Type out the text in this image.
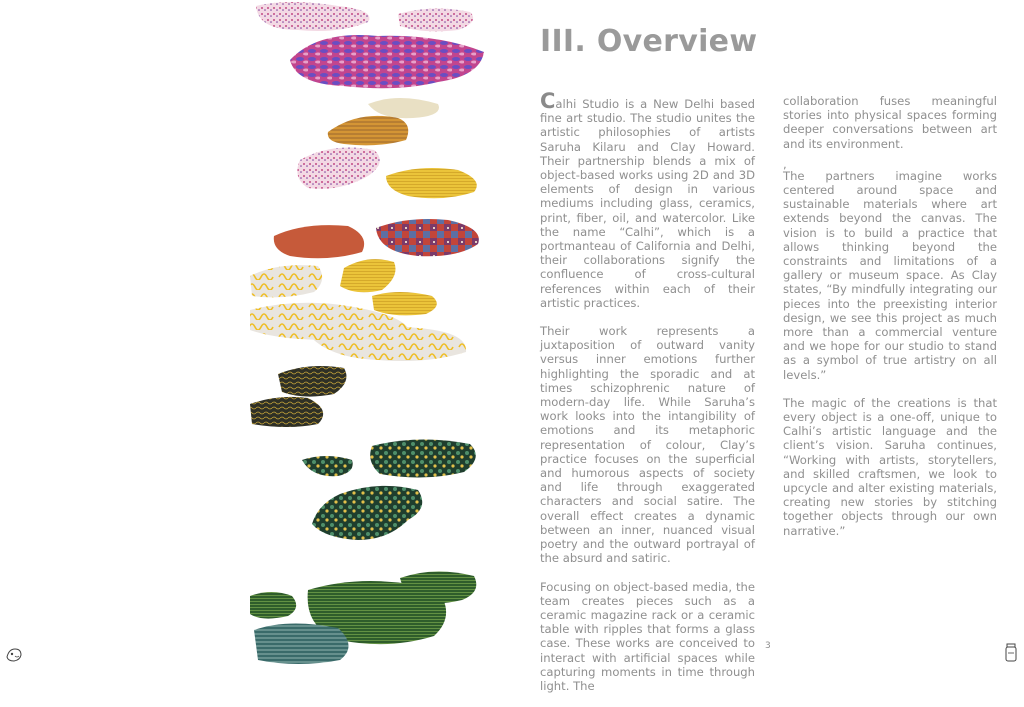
III. Overview

Calhi Studio is a New Delhi based fine art studio. The studio unites the artistic philosophies of artists Saruha Kilaru and Clay Howard. Their partnership blends a mix of object-based works using 2D and 3D elements of design in various mediums including glass, ceramics, print, fiber, oil, and watercolor. Like the name “Calhi”, which is a portmanteau of California and Delhi, their collaborations signify the confluence of cross-cultural references within each of their artistic practices.

Their work represents a juxtaposition of outward vanity versus inner emotions further highlighting the sporadic and at times schizophrenic nature of modern-day life. While Saruha’s work looks into the intangibility of emotions and its metaphoric representation of colour, Clay’s practice focuses on the superficial and humorous aspects of society and life through exaggerated characters and social satire. The overall effect creates a dynamic between an inner, nuanced visual poetry and the outward portrayal of the absurd and satiric.

Focusing on object-based media, the team creates pieces such as a ceramic magazine rack or a ceramic table with ripples that forms a glass case. These works are conceived to interact with artificial spaces while capturing moments in time through light. The

collaboration fuses meaningful stories into physical spaces forming deeper conversations between art and its environment.

,

The partners imagine works centered around space and sustainable materials where art extends beyond the canvas. The vision is to build a practice that allows thinking beyond the constraints and limitations of a gallery or museum space. As Clay states, “By mindfully integrating our pieces into the preexisting interior design, we see this project as much more than a commercial venture and we hope for our studio to stand as a symbol of true artistry on all levels.”

The magic of the creations is that every object is a one-off, unique to Calhi’s artistic language and the client’s vision. Saruha continues, “Working with artists, storytellers, and skilled craftsmen, we look to upcycle and alter existing materials, creating new stories by stitching together objects through our own narrative.”

3
